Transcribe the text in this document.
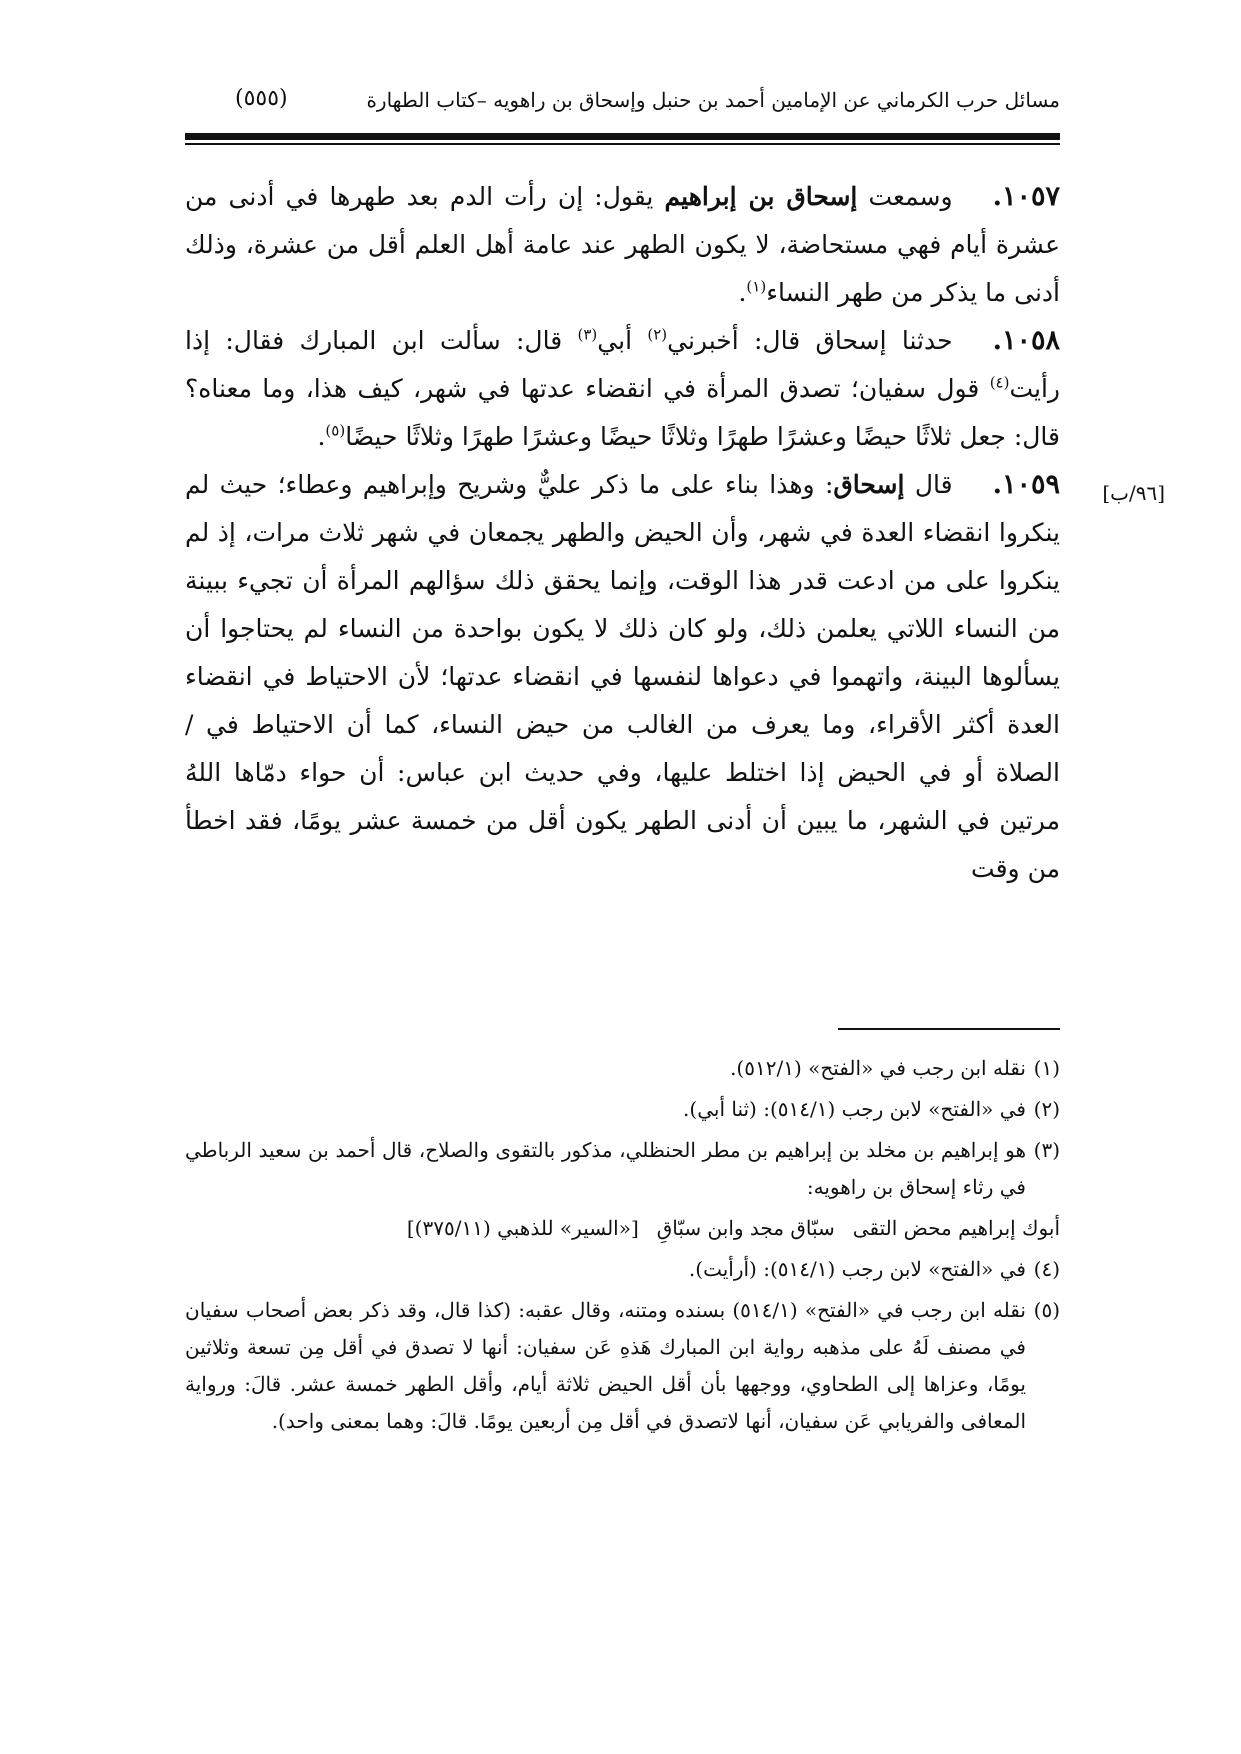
مسائل حرب الكرماني عن الإمامين أحمد بن حنبل وإسحاق بن راهويه –كتاب الطهارة
(٥٥٥)

١٠٥٧.وسمعت إسحاق بن إبراهيم يقول: إن رأت الدم بعد طهرها في أدنى من عشرة أيام فهي مستحاضة، لا يكون الطهر عند عامة أهل العلم أقل من عشرة، وذلك أدنى ما يذكر من طهر النساء$^{(١)}$.

١٠٥٨.حدثنا إسحاق قال: أخبرني$^{(٢)}$ أبي$^{(٣)}$ قال: سألت ابن المبارك فقال: إذا رأيت$^{(٤)}$ قول سفيان؛ تصدق المرأة في انقضاء عدتها في شهر، كيف هذا، وما معناه؟ قال: جعل ثلاثًا حيضًا وعشرًا طهرًا وثلاثًا حيضًا وعشرًا طهرًا وثلاثًا حيضًا$^{(٥)}$.

[٩٦/ب]
١٠٥٩.قال إسحاق: وهذا بناء على ما ذكر عليٌّ وشريح وإبراهيم وعطاء؛ حيث لم ينكروا انقضاء العدة في شهر، وأن الحيض والطهر يجمعان في شهر ثلاث مرات، إذ لم ينكروا على من ادعت قدر هذا الوقت، وإنما يحقق ذلك سؤالهم المرأة أن تجيء ببينة من النساء اللاتي يعلمن ذلك، ولو كان ذلك لا يكون بواحدة من النساء لم يحتاجوا أن يسألوها البينة، واتهموا في دعواها لنفسها في انقضاء عدتها؛ لأن الاحتياط في انقضاء العدة أكثر الأقراء، وما يعرف من الغالب من حيض النساء، كما أن الاحتياط في / الصلاة أو في الحيض إذا اختلط عليها، وفي حديث ابن عباس: أن حواء دمّاها اللهُ مرتين في الشهر، ما يبين أن أدنى الطهر يكون أقل من خمسة عشر يومًا، فقد اخطأ من وقت

(١)نقله ابن رجب في «الفتح» (٥١٢/١).

(٢)في «الفتح» لابن رجب (٥١٤/١): (ثنا أبي).

(٣)هو إبراهيم بن مخلد بن إبراهيم بن مطر الحنظلي، مذكور بالتقوى والصلاح، قال أحمد بن سعيد الرباطي في رثاء إسحاق بن راهويه:

أبوك إبراهيم محض التقىسبّاق مجد وابن سبّاقِ[«السير» للذهبي (٣٧٥/١١)]

(٤)في «الفتح» لابن رجب (٥١٤/١): (أرأيت).

(٥)نقله ابن رجب في «الفتح» (٥١٤/١) بسنده ومتنه، وقال عقبه: (كذا قال، وقد ذكر بعض أصحاب سفيان في مصنف لَهُ على مذهبه رواية ابن المبارك هَذهِ عَن سفيان: أنها لا تصدق في أقل مِن تسعة وثلاثين يومًا، وعزاها إلى الطحاوي، ووجهها بأن أقل الحيض ثلاثة أيام، وأقل الطهر خمسة عشر. قالَ: ورواية المعافى والفريابي عَن سفيان، أنها لاتصدق في أقل مِن أربعين يومًا. قالَ: وهما بمعنى واحد).
